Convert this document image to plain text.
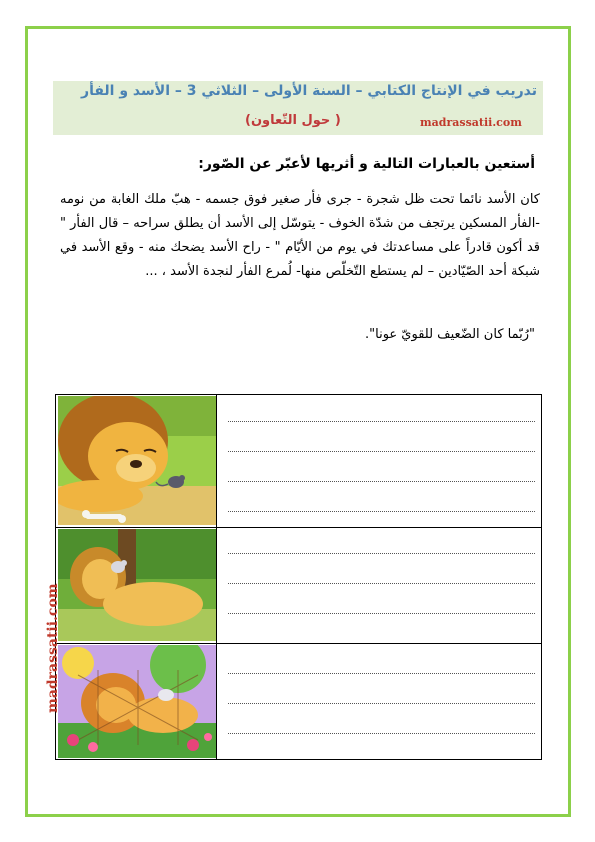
تدريب في الإنتاج الكتابي – السنة الأولى – الثلاثي 3 – الأسد و الفأر
( حول التّعاون)	madrassatii.com
أستعين بالعبارات التالية و أثريها لأعبّر عن الصّور:
كان الأسد نائما تحت ظل شجرة - جرى فأر صغير فوق جسمه - هبّ ملك الغابة من نومه -الفأر المسكين يرتجف من شدّة الخوف - يتوسّل إلى الأسد أن يطلق سراحه – قال الفأر " قد أكون قادراً على مساعدتك في يوم من الأيّام " - راح الأسد يضحك منه - وقع الأسد في شبكة أحد الصّيّادين – لم يستطع التّخلّص منها- لُمرع الفأر لنجدة الأسد ، ...
"رُبّما كان الضّعيف للقويّ عونا".
madrassatii.com
